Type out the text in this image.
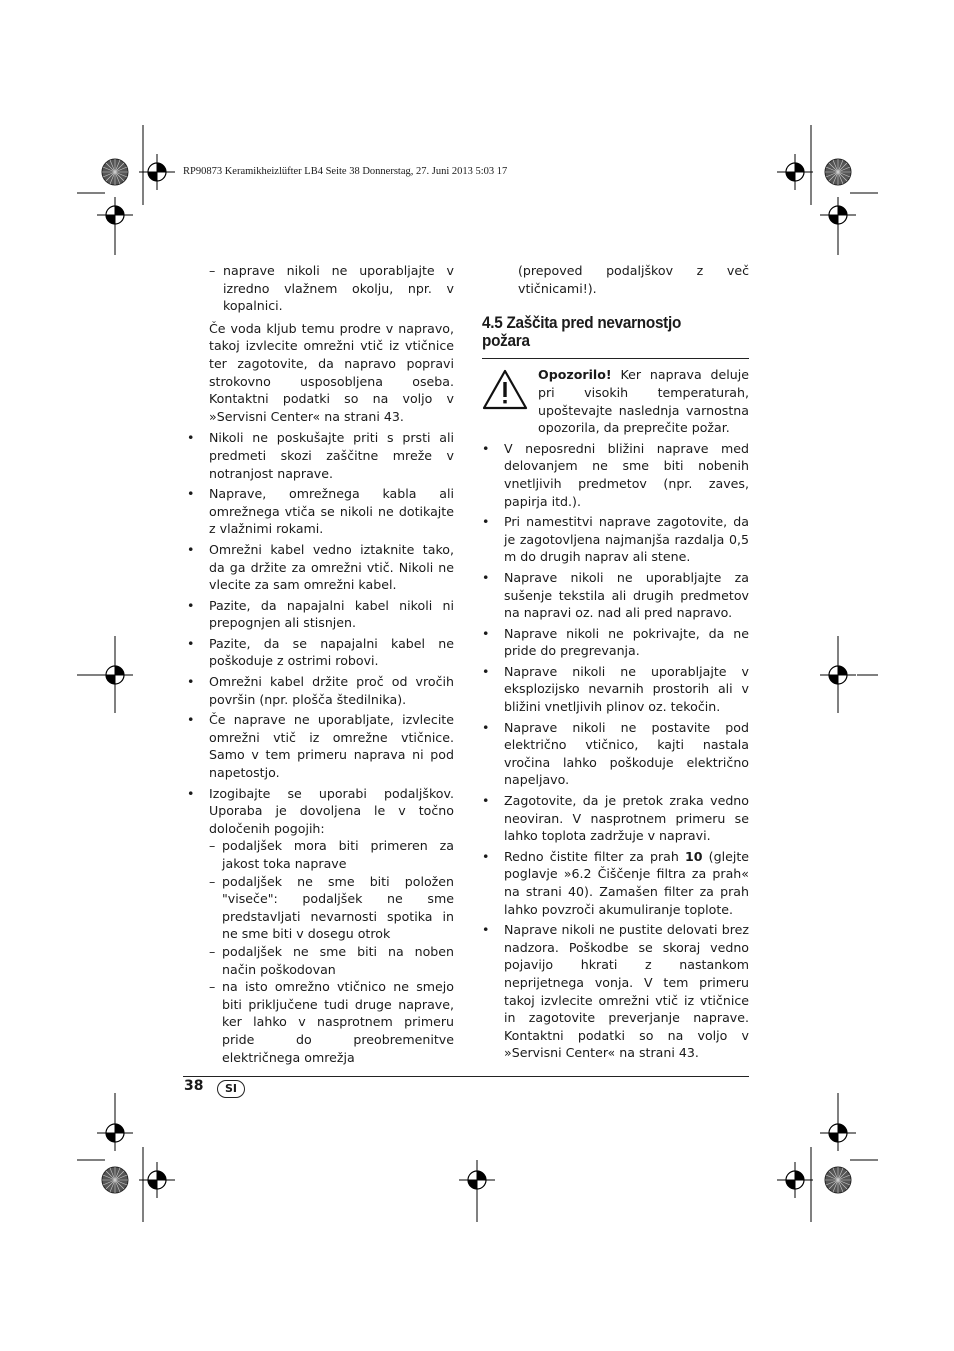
RP90873 Keramikheizlüfter LB4 Seite 38 Donnerstag, 27. Juni 2013 5:03 17
– naprave nikoli ne uporabljajte v izredno vlažnem okolju, npr. v kopalnici.
Če voda kljub temu prodre v napravo, takoj izvlecite omrežni vtič iz vtičnice ter zagotovite, da napravo popravi strokovno usposobljena oseba. Kontaktni podatki so na voljo v »Servisni Center« na strani 43.
•	Nikoli ne poskušajte priti s prsti ali predmeti skozi zaščitne mreže v notranjost naprave.
•	Naprave, omrežnega kabla ali omrežnega vtiča se nikoli ne dotikajte z vlažnimi rokami.
•	Omrežni kabel vedno iztaknite tako, da ga držite za omrežni vtič. Nikoli ne vlecite za sam omrežni kabel.
•	Pazite, da napajalni kabel nikoli ni prepognjen ali stisnjen.
•	Pazite, da se napajalni kabel ne poškoduje z ostrimi robovi.
•	Omrežni kabel držite proč od vročih površin (npr. plošča štedilnika).
•	Če naprave ne uporabljate, izvlecite omrežni vtič iz omrežne vtičnice. Samo v tem primeru naprava ni pod napetostjo.
•	Izogibajte se uporabi podaljškov. Uporaba je dovoljena le v točno določenih pogojih:
– podaljšek mora biti primeren za jakost toka naprave
– podaljšek ne sme biti položen "viseče": podaljšek ne sme predstavljati nevarnosti spotika in ne sme biti v dosegu otrok
– podaljšek ne sme biti na noben način poškodovan
– na isto omrežno vtičnico ne smejo biti priključene tudi druge naprave, ker lahko v nasprotnem primeru pride do preobremenitve električnega omrežja
(prepoved podaljškov z več vtičnicami!).
4.5 Zaščita pred nevarnostjo požara
Opozorilo! Ker naprava deluje pri visokih temperaturah, upoštevajte naslednja varnostna opozorila, da preprečite požar.
•	V neposredni bližini naprave med delovanjem ne sme biti nobenih vnetljivih predmetov (npr. zaves, papirja itd.).
•	Pri namestitvi naprave zagotovite, da je zagotovljena najmanjša razdalja 0,5 m do drugih naprav ali stene.
•	Naprave nikoli ne uporabljajte za sušenje tekstila ali drugih predmetov na napravi oz. nad ali pred napravo.
•	Naprave nikoli ne pokrivajte, da ne pride do pregrevanja.
•	Naprave nikoli ne uporabljajte v eksplozijsko nevarnih prostorih ali v bližini vnetljivih plinov oz. tekočin.
•	Naprave nikoli ne postavite pod električno vtičnico, kajti nastala vročina lahko poškoduje električno napeljavo.
•	Zagotovite, da je pretok zraka vedno neoviran. V nasprotnem primeru se lahko toplota zadržuje v napravi.
•	Redno čistite filter za prah 10 (glejte poglavje »6.2 Čiščenje filtra za prah« na strani 40). Zamašen filter za prah lahko povzroči akumuliranje toplote.
•	Naprave nikoli ne pustite delovati brez nadzora. Poškodbe se skoraj vedno pojavijo hkrati z nastankom neprijetnega vonja. V tem primeru takoj izvlecite omrežni vtič iz vtičnice in zagotovite preverjanje naprave. Kontaktni podatki so na voljo v »Servisni Center« na strani 43.
38	SI
